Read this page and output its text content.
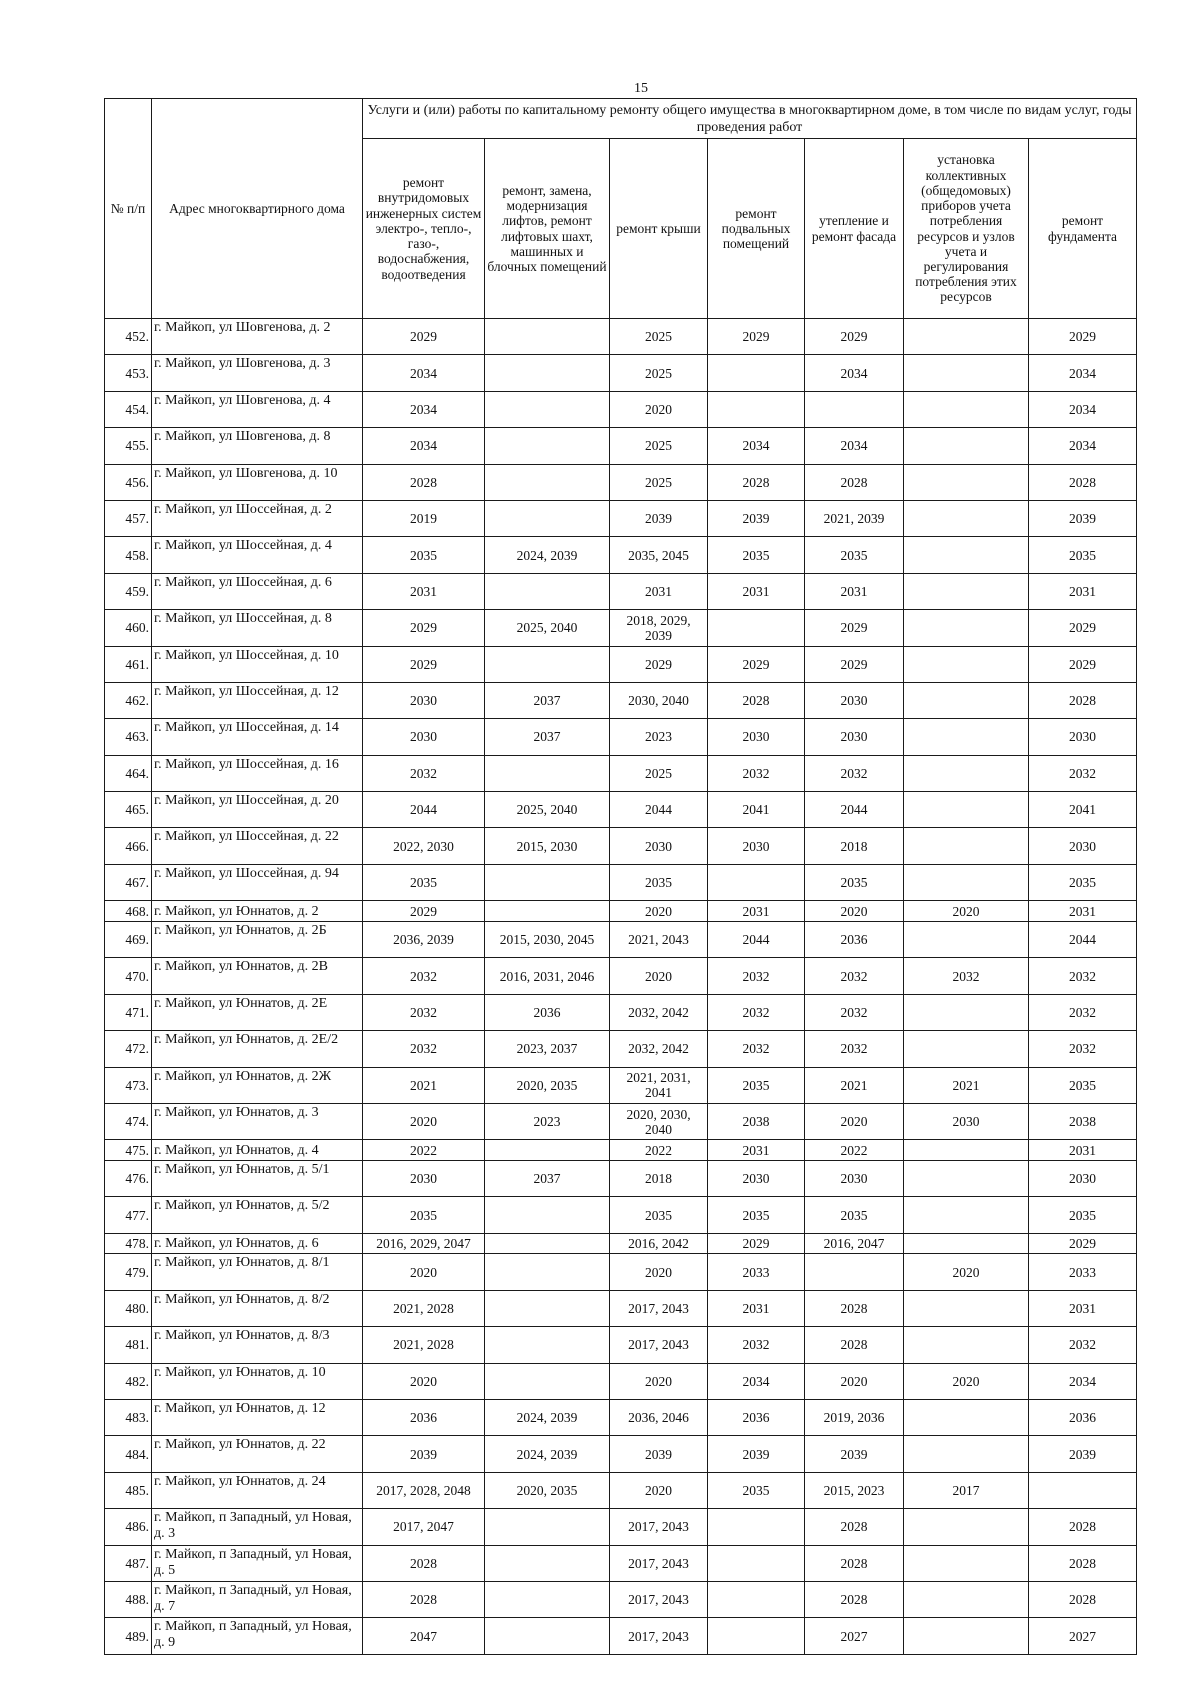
15
№ п/п	Адрес многоквартирного дома	Услуги и (или) работы по капитальному ремонту общего имущества в многоквартирном доме, в том числе по видам услуг, годы проведения работ						
		ремонт внутридомовых инженерных систем электро-, тепло-, газо-, водоснабжения, водоотведения	ремонт, замена, модернизация лифтов, ремонт лифтовых шахт, машинных и блочных помещений	ремонт крыши	ремонт подвальных помещений	утепление и ремонт фасада	установка коллективных (общедомовых) приборов учета потребления ресурсов и узлов учета и регулирования потребления этих ресурсов	ремонт фундамента
452.	г. Майкоп, ул Шовгенова, д. 2	2029		2025	2029	2029		2029
453.	г. Майкоп, ул Шовгенова, д. 3	2034		2025		2034		2034
454.	г. Майкоп, ул Шовгенова, д. 4	2034		2020				2034
455.	г. Майкоп, ул Шовгенова, д. 8	2034		2025	2034	2034		2034
456.	г. Майкоп, ул Шовгенова, д. 10	2028		2025	2028	2028		2028
457.	г. Майкоп, ул Шоссейная, д. 2	2019		2039	2039	2021, 2039		2039
458.	г. Майкоп, ул Шоссейная, д. 4	2035	2024, 2039	2035, 2045	2035	2035		2035
459.	г. Майкоп, ул Шоссейная, д. 6	2031		2031	2031	2031		2031
460.	г. Майкоп, ул Шоссейная, д. 8	2029	2025, 2040	2018, 2029, 2039		2029		2029
461.	г. Майкоп, ул Шоссейная, д. 10	2029		2029	2029	2029		2029
462.	г. Майкоп, ул Шоссейная, д. 12	2030	2037	2030, 2040	2028	2030		2028
463.	г. Майкоп, ул Шоссейная, д. 14	2030	2037	2023	2030	2030		2030
464.	г. Майкоп, ул Шоссейная, д. 16	2032		2025	2032	2032		2032
465.	г. Майкоп, ул Шоссейная, д. 20	2044	2025, 2040	2044	2041	2044		2041
466.	г. Майкоп, ул Шоссейная, д. 22	2022, 2030	2015, 2030	2030	2030	2018		2030
467.	г. Майкоп, ул Шоссейная, д. 94	2035		2035		2035		2035
468.	г. Майкоп, ул Юннатов, д. 2	2029		2020	2031	2020	2020	2031
469.	г. Майкоп, ул Юннатов, д. 2Б	2036, 2039	2015, 2030, 2045	2021, 2043	2044	2036		2044
470.	г. Майкоп, ул Юннатов, д. 2В	2032	2016, 2031, 2046	2020	2032	2032	2032	2032
471.	г. Майкоп, ул Юннатов, д. 2Е	2032	2036	2032, 2042	2032	2032		2032
472.	г. Майкоп, ул Юннатов, д. 2Е/2	2032	2023, 2037	2032, 2042	2032	2032		2032
473.	г. Майкоп, ул Юннатов, д. 2Ж	2021	2020, 2035	2021, 2031, 2041	2035	2021	2021	2035
474.	г. Майкоп, ул Юннатов, д. 3	2020	2023	2020, 2030, 2040	2038	2020	2030	2038
475.	г. Майкоп, ул Юннатов, д. 4	2022		2022	2031	2022		2031
476.	г. Майкоп, ул Юннатов, д. 5/1	2030	2037	2018	2030	2030		2030
477.	г. Майкоп, ул Юннатов, д. 5/2	2035		2035	2035	2035		2035
478.	г. Майкоп, ул Юннатов, д. 6	2016, 2029, 2047		2016, 2042	2029	2016, 2047		2029
479.	г. Майкоп, ул Юннатов, д. 8/1	2020		2020	2033		2020	2033
480.	г. Майкоп, ул Юннатов, д. 8/2	2021, 2028		2017, 2043	2031	2028		2031
481.	г. Майкоп, ул Юннатов, д. 8/3	2021, 2028		2017, 2043	2032	2028		2032
482.	г. Майкоп, ул Юннатов, д. 10	2020		2020	2034	2020	2020	2034
483.	г. Майкоп, ул Юннатов, д. 12	2036	2024, 2039	2036, 2046	2036	2019, 2036		2036
484.	г. Майкоп, ул Юннатов, д. 22	2039	2024, 2039	2039	2039	2039		2039
485.	г. Майкоп, ул Юннатов, д. 24	2017, 2028, 2048	2020, 2035	2020	2035	2015, 2023	2017	
486.	г. Майкоп, п Западный, ул Новая, д. 3	2017, 2047		2017, 2043		2028		2028
487.	г. Майкоп, п Западный, ул Новая, д. 5	2028		2017, 2043		2028		2028
488.	г. Майкоп, п Западный, ул Новая, д. 7	2028		2017, 2043		2028		2028
489.	г. Майкоп, п Западный, ул Новая, д. 9	2047		2017, 2043		2027		2027
